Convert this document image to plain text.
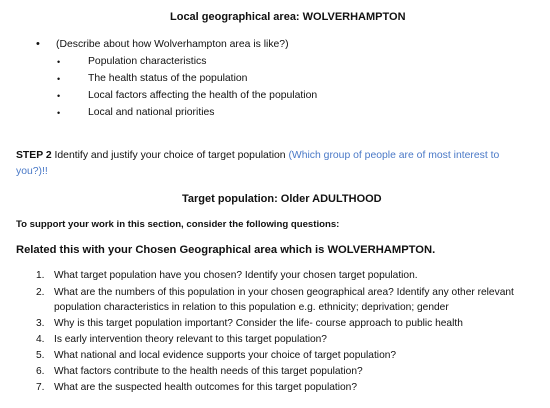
Local geographical area: WOLVERHAMPTON
• (Describe about how Wolverhampton area is like?)
•	Population characteristics
•	The health status of the population
•	Local factors affecting the health of the population
•	Local and national priorities
STEP 2 Identify and justify your choice of target population (Which group of people are of most interest to
you?)!!
Target population: Older ADULTHOOD
To support your work in this section, consider the following questions:
Related this with your Chosen Geographical area which is WOLVERHAMPTON.
1. What target population have you chosen? Identify your chosen target population.
2. What are the numbers of this population in your chosen geographical area? Identify any other relevant
population characteristics in relation to this population e.g. ethnicity; deprivation; gender
3. Why is this target population important? Consider the life- course approach to public health
4. Is early intervention theory relevant to this target population?
5. What national and local evidence supports your choice of target population?
6. What factors contribute to the health needs of this target population?
7. What are the suspected health outcomes for this target population?
